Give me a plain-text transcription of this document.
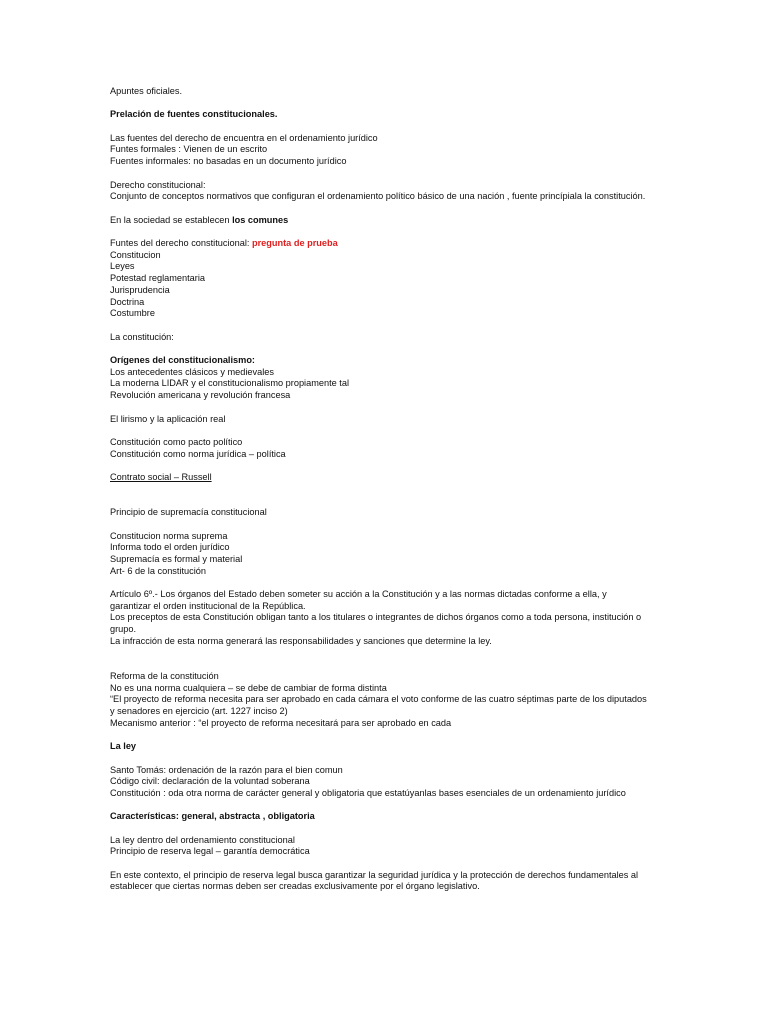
Apuntes oficiales.
Prelación de fuentes constitucionales.
Las fuentes del derecho de encuentra en el ordenamiento jurídico
Funtes formales : Vienen de un escrito
Fuentes informales: no basadas en un documento jurídico
Derecho constitucional:
Conjunto de conceptos normativos que configuran el ordenamiento político básico de una nación , fuente princípiala la constitución.
En la sociedad se establecen los comunes
Funtes del derecho constitucional: pregunta de prueba
Constitucion
Leyes
Potestad reglamentaria
Jurisprudencia
Doctrina
Costumbre
La constitución:
Orígenes del constitucionalismo:
Los antecedentes clásicos y medievales
La moderna LIDAR y el constitucionalismo propiamente tal
Revolución americana y revolución francesa
El lirismo y la aplicación real
Constitución como pacto político
Constitución como norma jurídica – política
Contrato social – Russell
Principio de supremacía constitucional
Constitucion norma suprema
Informa todo el orden jurídico
Supremacía es formal y material
Art- 6 de la constitución
Artículo 6º.- Los órganos del Estado deben someter su acción a la Constitución y a las normas dictadas conforme a ella, y garantizar el orden institucional de la República.
Los preceptos de esta Constitución obligan tanto a los titulares o integrantes de dichos órganos como a toda persona, institución o grupo.
La infracción de esta norma generará las responsabilidades y sanciones que determine la ley.
Reforma de la constitución
No es una norma cualquiera – se debe de cambiar de forma distinta
“El proyecto de reforma necesita para ser aprobado en cada cámara el voto conforme de las cuatro séptimas parte de los diputados y senadores en ejercicio (art. 1227 inciso 2)
Mecanismo anterior : “el proyecto de reforma necesitará para ser aprobado en cada
La ley
Santo Tomás: ordenación de la razón para el bien comun
Código civil: declaración de la voluntad soberana
Constitución : oda otra norma de carácter general y obligatoria que estatúyanlas bases esenciales de un ordenamiento jurídico
Características: general, abstracta , obligatoria
La ley dentro del ordenamiento constitucional
Principio de reserva legal – garantía democrática
En este contexto, el principio de reserva legal busca garantizar la seguridad jurídica y la protección de derechos fundamentales al establecer que ciertas normas deben ser creadas exclusivamente por el órgano legislativo.
